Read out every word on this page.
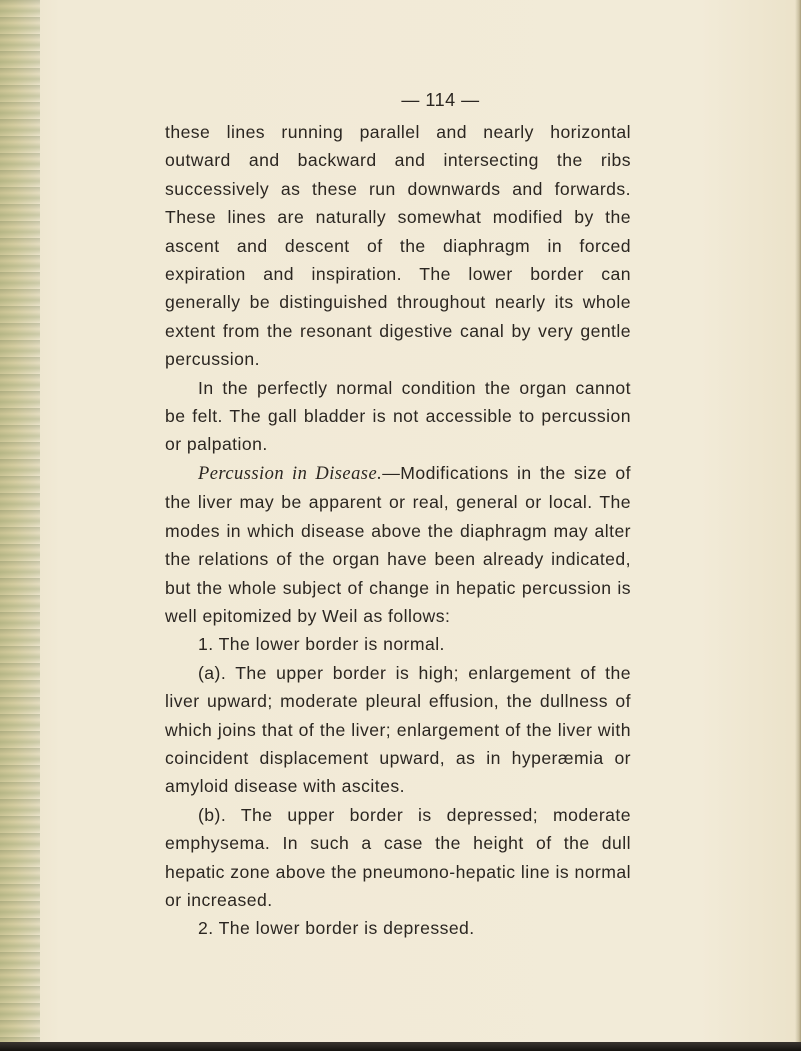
— 114 —

these lines running parallel and nearly horizontal outward and backward and intersecting the ribs successively as these run downwards and forwards. These lines are naturally somewhat modified by the ascent and descent of the diaphragm in forced expiration and inspiration. The lower border can generally be distinguished throughout nearly its whole extent from the resonant digestive canal by very gentle percussion.

In the perfectly normal condition the organ cannot be felt. The gall bladder is not accessible to percussion or palpation.

Percussion in Disease.—Modifications in the size of the liver may be apparent or real, general or local. The modes in which disease above the diaphragm may alter the relations of the organ have been already indicated, but the whole subject of change in hepatic percussion is well epitomized by Weil as follows:

1. The lower border is normal.

(a). The upper border is high; enlargement of the liver upward; moderate pleural effusion, the dullness of which joins that of the liver; enlargement of the liver with coincident displacement upward, as in hyperæmia or amyloid disease with ascites.

(b). The upper border is depressed; moderate emphysema. In such a case the height of the dull hepatic zone above the pneumono-hepatic line is normal or increased.

2. The lower border is depressed.
